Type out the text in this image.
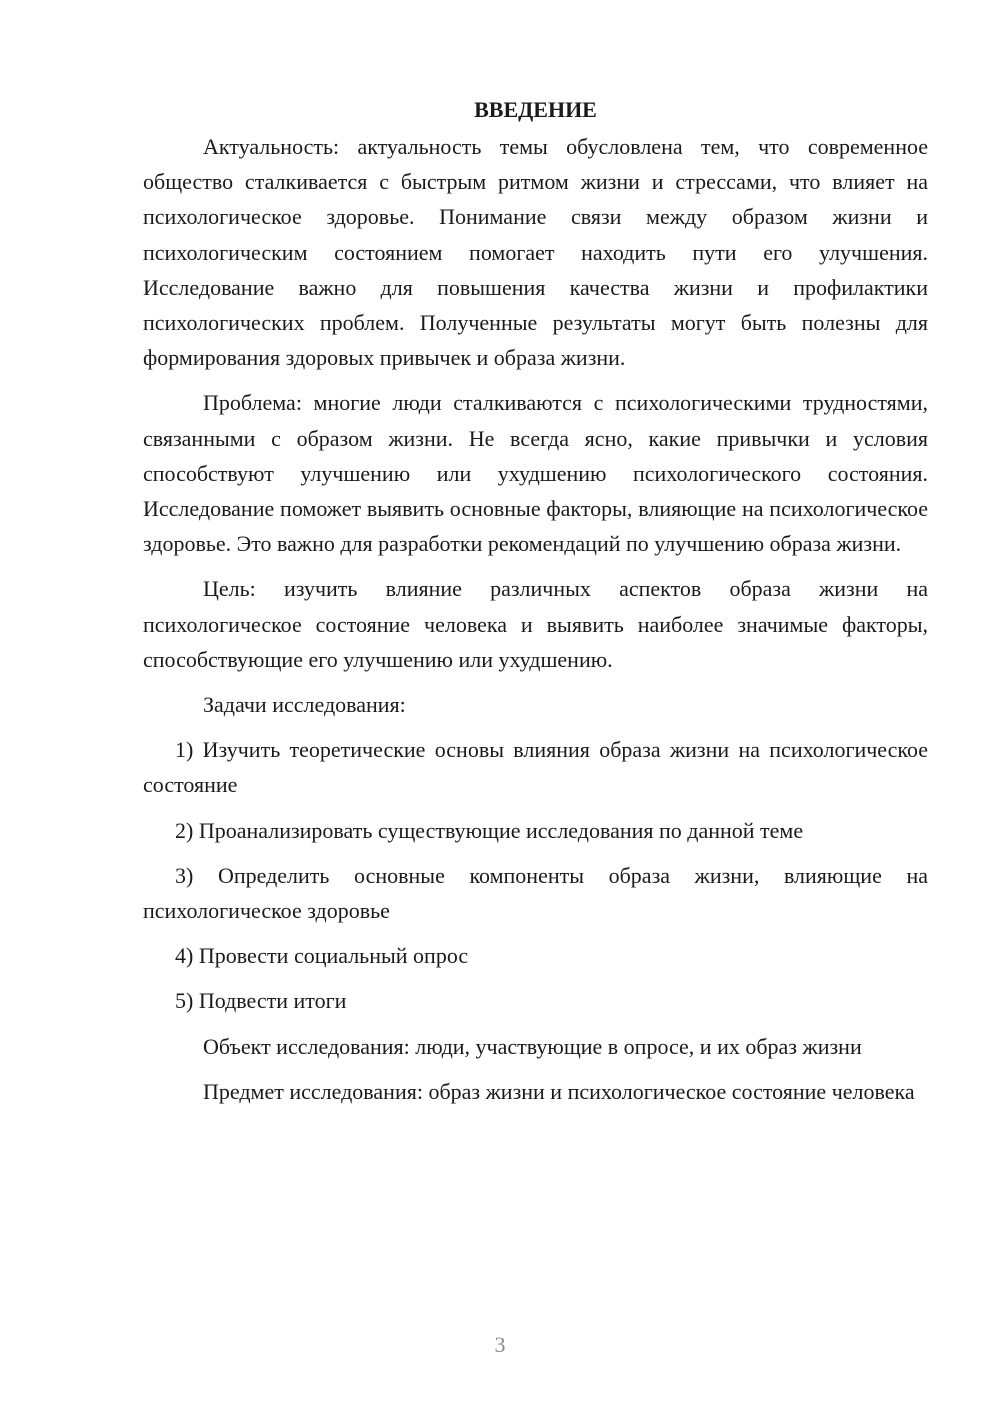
ВВЕДЕНИЕ

Актуальность: актуальность темы обусловлена тем, что современное общество сталкивается с быстрым ритмом жизни и стрессами, что влияет на психологическое здоровье. Понимание связи между образом жизни и психологическим состоянием помогает находить пути его улучшения. Исследование важно для повышения качества жизни и профилактики психологических проблем. Полученные результаты могут быть полезны для формирования здоровых привычек и образа жизни.

Проблема: многие люди сталкиваются с психологическими трудностями, связанными с образом жизни. Не всегда ясно, какие привычки и условия способствуют улучшению или ухудшению психологического состояния. Исследование поможет выявить основные факторы, влияющие на психологическое здоровье. Это важно для разработки рекомендаций по улучшению образа жизни.

Цель: изучить влияние различных аспектов образа жизни на психологическое состояние человека и выявить наиболее значимые факторы, способствующие его улучшению или ухудшению.

Задачи исследования:

1) Изучить теоретические основы влияния образа жизни на психологическое состояние

2) Проанализировать существующие исследования по данной теме

3) Определить основные компоненты образа жизни, влияющие на психологическое здоровье

4) Провести социальный опрос

5) Подвести итоги

Объект исследования: люди, участвующие в опросе, и их образ жизни

Предмет исследования: образ жизни и психологическое состояние человека

3
